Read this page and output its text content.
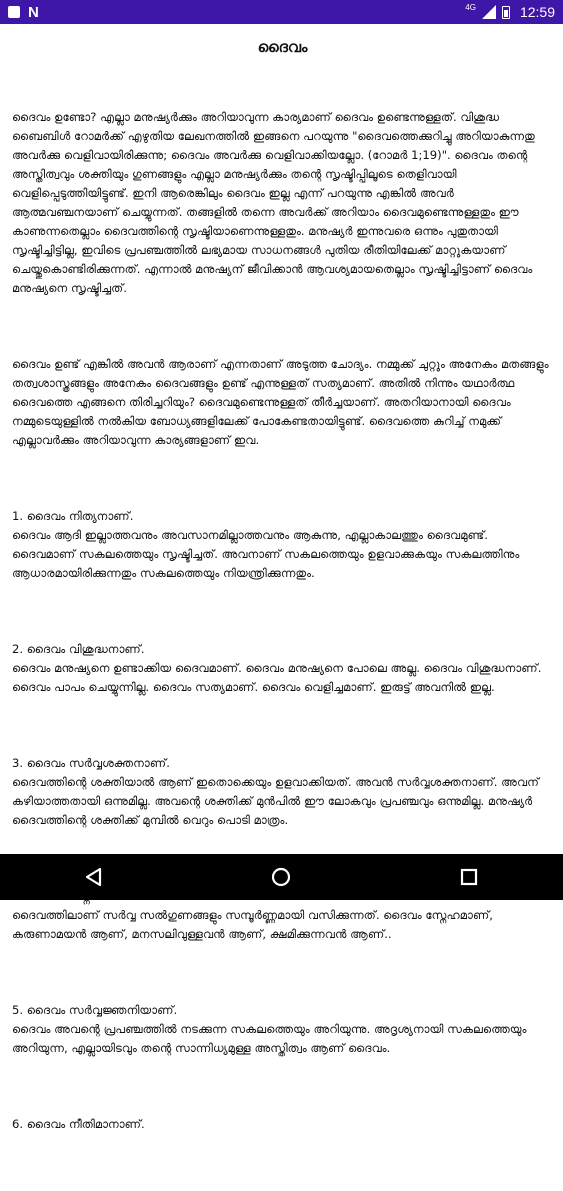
N	4G	12:59
ദൈവം

ദൈവം ഉണ്ടോ? എല്ലാ മനുഷ്യർക്കും അറിയാവുന്ന കാര്യമാണ് ദൈവം ഉണ്ടെന്നുള്ളത്. വിശുദ്ധ ബൈബിൾ റോമർക്ക് എഴുതിയ ലേഖനത്തിൽ ഇങ്ങനെ പറയുന്നു "ദൈവത്തെക്കുറിച്ചു അറിയാകുന്നതു അവർക്കു വെളിവായിരിക്കുന്നു; ദൈവം അവർക്കു വെളിവാക്കിയല്ലോ. (റോമർ 1;19)". ദൈവം തന്റെ അസ്തിത്വവും ശക്തിയും ഗുണങ്ങളും എല്ലാ മനുഷ്യർക്കും തന്റെ സൃഷ്ടിപ്പിലൂടെ തെളിവായി വെളിപ്പെടുത്തിയിട്ടുണ്ട്. ഇനി ആരെങ്കിലും ദൈവം ഇല്ല എന്ന് പറയുന്നു എങ്കിൽ അവർ ആത്മവഞ്ചനയാണ് ചെയ്യുന്നത്. തങ്ങളിൽ തന്നെ അവർക്ക് അറിയാം ദൈവമുണ്ടെന്നുള്ളതും ഈ കാണുന്നതെല്ലാം ദൈവത്തിന്റെ സൃഷ്ടിയാണെന്നുള്ളതും. മനുഷ്യർ ഇന്നുവരെ ഒന്നും പുതുതായി സൃഷ്ടിച്ചിട്ടില്ല, ഇവിടെ പ്രപഞ്ചത്തിൽ ലഭ്യമായ സാധനങ്ങൾ പുതിയ രീതിയിലേക്ക് മാറ്റുകയാണ് ചെയ്തുകൊണ്ടിരിക്കുന്നത്. എന്നാൽ മനുഷ്യന് ജീവിക്കാൻ ആവശ്യമായതെല്ലാം സൃഷ്ടിച്ചിട്ടാണ് ദൈവം മനുഷ്യനെ സൃഷ്ടിച്ചത്.

ദൈവം ഉണ്ട് എങ്കിൽ അവൻ ആരാണ് എന്നതാണ് അടുത്ത ചോദ്യം. നമ്മുക്ക് ചുറ്റും അനേകം മതങ്ങളും തത്വശാസ്ത്രങ്ങളും അനേകം ദൈവങ്ങളും ഉണ്ട് എന്നുള്ളത് സത്യമാണ്. അതിൽ നിന്നും യഥാർത്ഥ ദൈവത്തെ എങ്ങനെ തിരിച്ചറിയും? ദൈവമുണ്ടെന്നുള്ളത് തീർച്ചയാണ്. അതറിയാനായി ദൈവം നമ്മുടെയുള്ളിൽ നൽകിയ ബോധ്യങ്ങളിലേക്ക് പോകേണ്ടതായിട്ടുണ്ട്. ദൈവത്തെ കുറിച്ച് നമുക്ക് എല്ലാവർക്കും അറിയാവുന്ന കാര്യങ്ങളാണ് ഇവ.

1. ദൈവം നിത്യനാണ്.
ദൈവം ആദി ഇല്ലാത്തവനും അവസാനമില്ലാത്തവനും ആകുന്നു, എല്ലാകാലത്തും ദൈവമുണ്ട്. ദൈവമാണ് സകലത്തെയും സൃഷ്ടിച്ചത്. അവനാണ് സകലത്തെയും ഉളവാക്കുകയും സകലത്തിനും ആധാരമായിരിക്കുന്നതും സകലത്തെയും നിയന്ത്രിക്കുന്നതും.

2. ദൈവം വിശുദ്ധനാണ്.
ദൈവം മനുഷ്യനെ ഉണ്ടാക്കിയ ദൈവമാണ്. ദൈവം മനുഷ്യനെ പോലെ അല്ല. ദൈവം വിശുദ്ധനാണ്. ദൈവം പാപം ചെയ്യുന്നില്ല. ദൈവം സത്യമാണ്. ദൈവം വെളിച്ചമാണ്. ഇരുട്ട് അവനിൽ ഇല്ല.

3. ദൈവം സർവ്വശക്തനാണ്.
ദൈവത്തിന്റെ ശക്തിയാൽ ആണ് ഇതൊക്കെയും ഉളവാക്കിയത്. അവൻ സർവ്വശക്തനാണ്. അവന് കഴിയാത്തതായി ഒന്നുമില്ല. അവന്റെ ശക്തിക്ക് മുൻപിൽ ഈ ലോകവും പ്രപഞ്ചവും ഒന്നുമില്ല. മനുഷ്യർ ദൈവത്തിന്റെ ശക്തിക്ക് മുമ്പിൽ വെറും പൊടി മാത്രം.

ദൈവത്തിലാണ് സർവ്വ സൽഗുണങ്ങളും സമ്പൂർണ്ണമായി വസിക്കുന്നത്. ദൈവം സ്നേഹമാണ്, കരുണാമയൻ ആണ്, മനസലിവുള്ളവൻ ആണ്, ക്ഷമിക്കുന്നവൻ ആണ്..

5. ദൈവം സർവ്വജ്ഞനിയാണ്.
ദൈവം അവന്റെ പ്രപഞ്ചത്തിൽ നടക്കുന്ന സകലത്തെയും അറിയുന്നു. അദൃശ്യനായി സകലത്തെയും അറിയുന്ന, എല്ലായിടവും തന്റെ സാന്നിധ്യമുള്ള അസ്തിത്വം ആണ് ദൈവം.

6. ദൈവം നീതിമാനാണ്.
